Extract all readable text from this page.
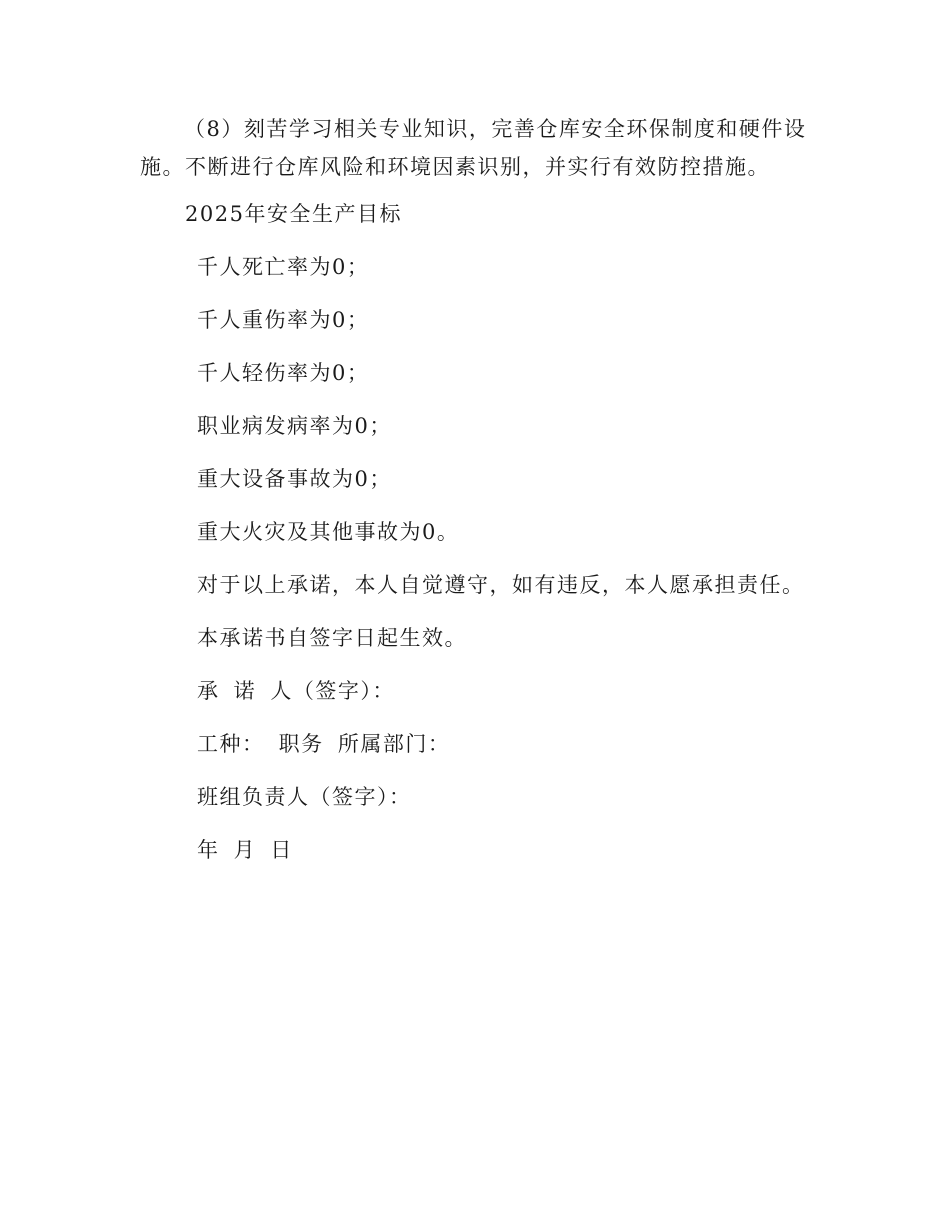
（8）刻苦学习相关专业知识，完善仓库安全环保制度和硬件设施。不断进行仓库风险和环境因素识别，并实行有效防控措施。

2025年安全生产目标

千人死亡率为0；

千人重伤率为0；

千人轻伤率为0；

职业病发病率为0；

重大设备事故为0；

重大火灾及其他事故为0。

对于以上承诺，本人自觉遵守，如有违反，本人愿承担责任。

本承诺书自签字日起生效。

承 诺 人（签字）：

工种： 职务 所属部门：

班组负责人（签字）：

年 月 日
